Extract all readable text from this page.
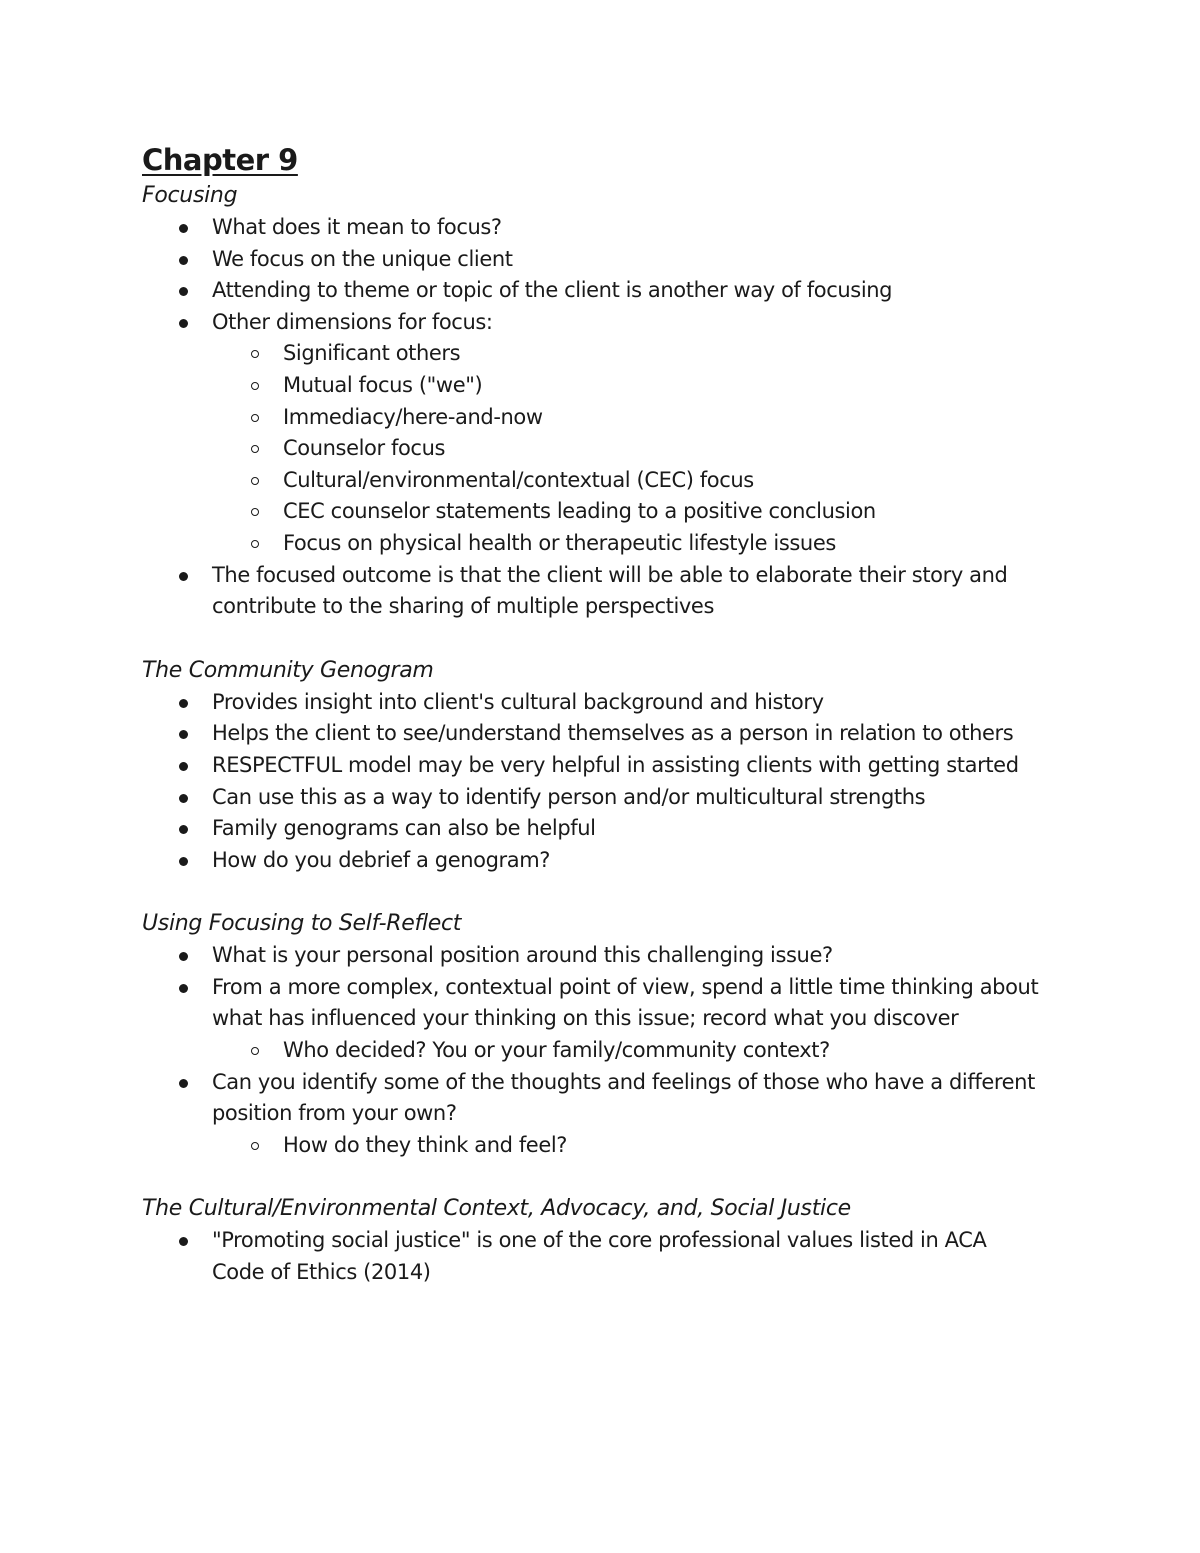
Chapter 9

Focusing

What does it mean to focus?
We focus on the unique client
Attending to theme or topic of the client is another way of focusing
Other dimensions for focus:
Significant others
Mutual focus ("we")
Immediacy/here-and-now
Counselor focus
Cultural/environmental/contextual (CEC) focus
CEC counselor statements leading to a positive conclusion
Focus on physical health or therapeutic lifestyle issues
The focused outcome is that the client will be able to elaborate their story and contribute to the sharing of multiple perspectives

The Community Genogram

Provides insight into client's cultural background and history
Helps the client to see/understand themselves as a person in relation to others
RESPECTFUL model may be very helpful in assisting clients with getting started
Can use this as a way to identify person and/or multicultural strengths
Family genograms can also be helpful
How do you debrief a genogram?

Using Focusing to Self-Reflect

What is your personal position around this challenging issue?
From a more complex, contextual point of view, spend a little time thinking about what has influenced your thinking on this issue; record what you discover
Who decided? You or your family/community context?
Can you identify some of the thoughts and feelings of those who have a different position from your own?
How do they think and feel?

The Cultural/Environmental Context, Advocacy, and, Social Justice

"Promoting social justice" is one of the core professional values listed in ACA Code of Ethics (2014)
